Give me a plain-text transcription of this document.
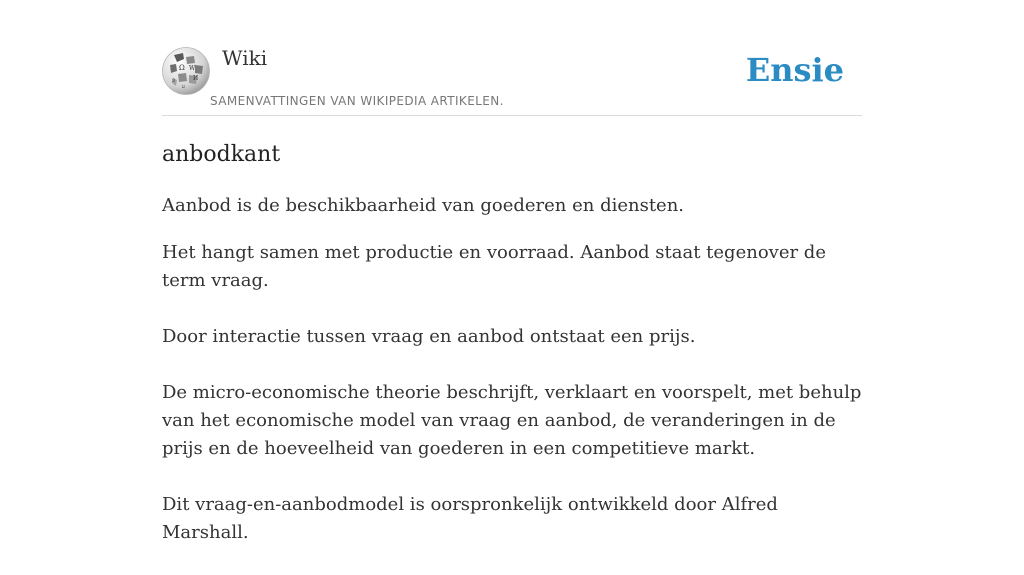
Ω W
И
ვ
ע
Wiki
SAMENVATTINGEN VAN WIKIPEDIA ARTIKELEN.
Ensie
anbodkant

Aanbod is de beschikbaarheid van goederen en diensten.

Het hangt samen met productie en voorraad. Aanbod staat tegenover de term vraag.

Door interactie tussen vraag en aanbod ontstaat een prijs.

De micro-economische theorie beschrijft, verklaart en voorspelt, met behulp van het economische model van vraag en aanbod, de veranderingen in de prijs en de hoeveelheid van goederen in een competitieve markt.

Dit vraag-en-aanbodmodel is oorspronkelijk ontwikkeld door Alfred Marshall.
